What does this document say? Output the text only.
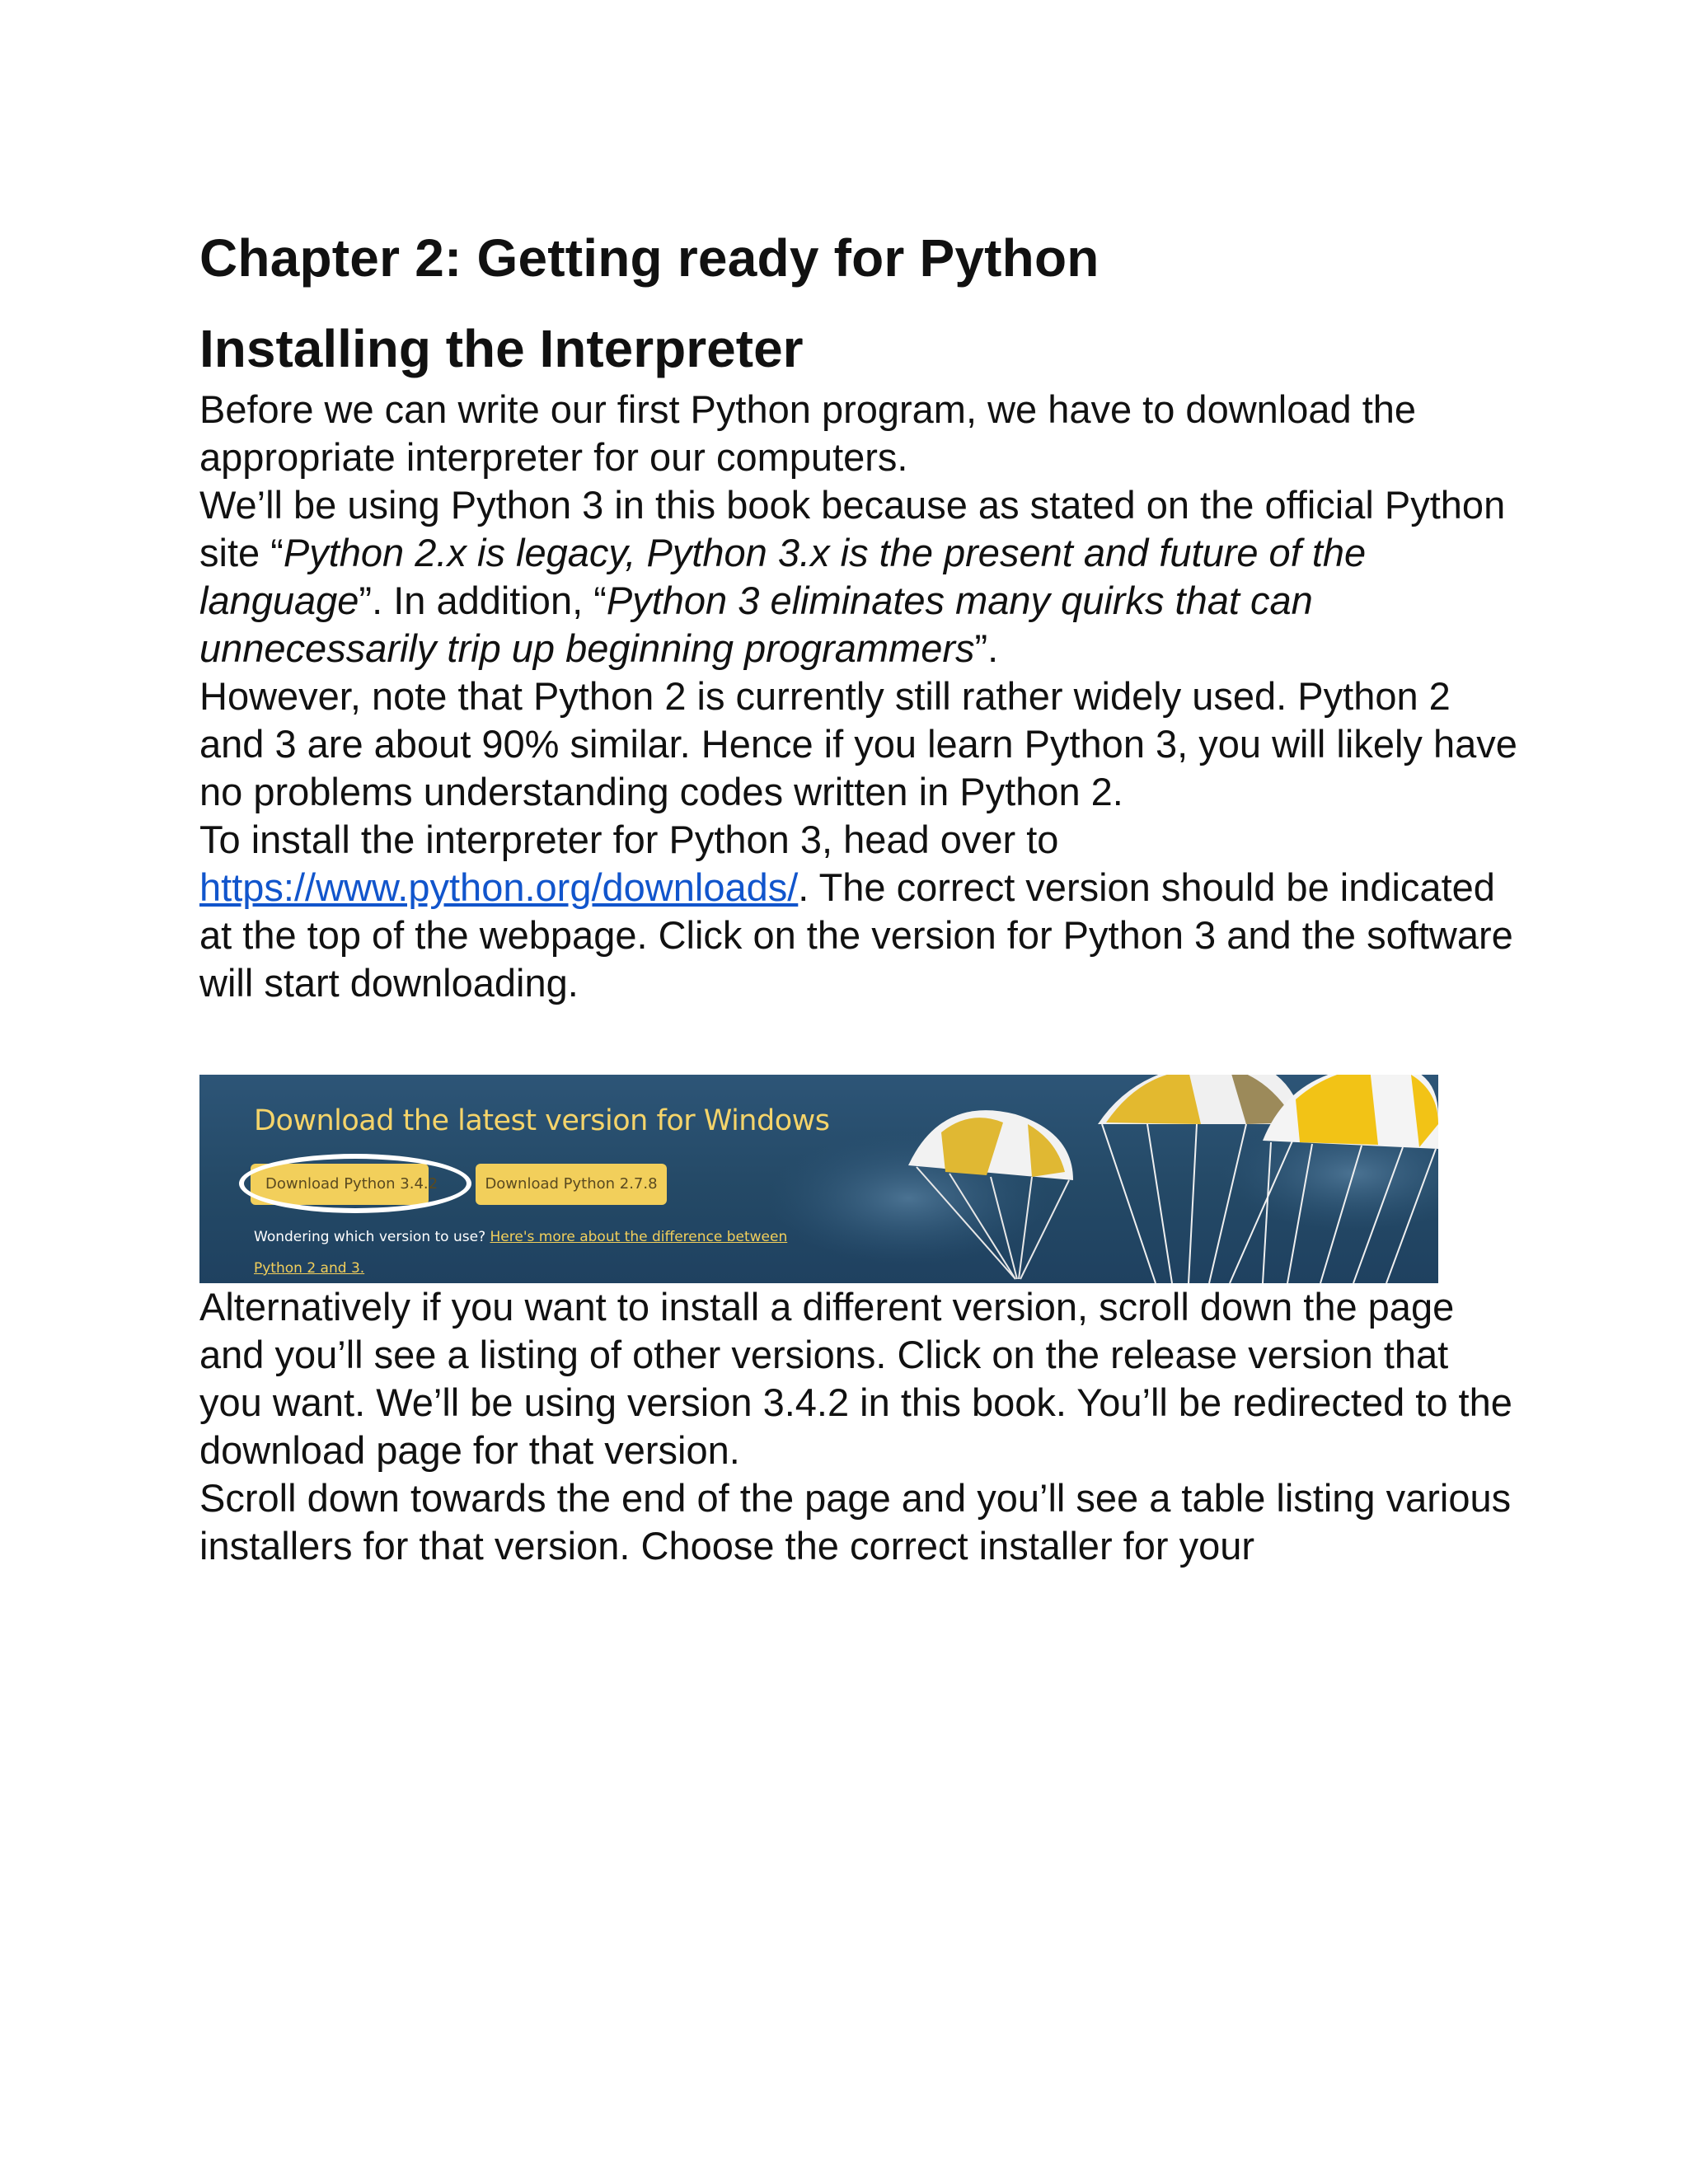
Chapter 2: Getting ready for Python
Installing the Interpreter

Before we can write our first Python program, we have to download the appropriate interpreter for our computers.

We’ll be using Python 3 in this book because as stated on the official Python site “Python 2.x is legacy, Python 3.x is the present and future of the language”. In addition, “Python 3 eliminates many quirks that can unnecessarily trip up beginning programmers”.

However, note that Python 2 is currently still rather widely used. Python 2 and 3 are about 90% similar. Hence if you learn Python 3, you will likely have no problems understanding codes written in Python 2.

To install the interpreter for Python 3, head over to https://www.python.org/downloads/. The correct version should be indicated at the top of the webpage. Click on the version for Python 3 and the software will start downloading.

Download the latest version for Windows
Download Python 3.4.2	Download Python 2.7.8
Wondering which version to use? Here's more about the difference between Python 2 and 3.

Alternatively if you want to install a different version, scroll down the page and you’ll see a listing of other versions. Click on the release version that you want. We’ll be using version 3.4.2 in this book. You’ll be redirected to the download page for that version.

Scroll down towards the end of the page and you’ll see a table listing various installers for that version. Choose the correct installer for your
